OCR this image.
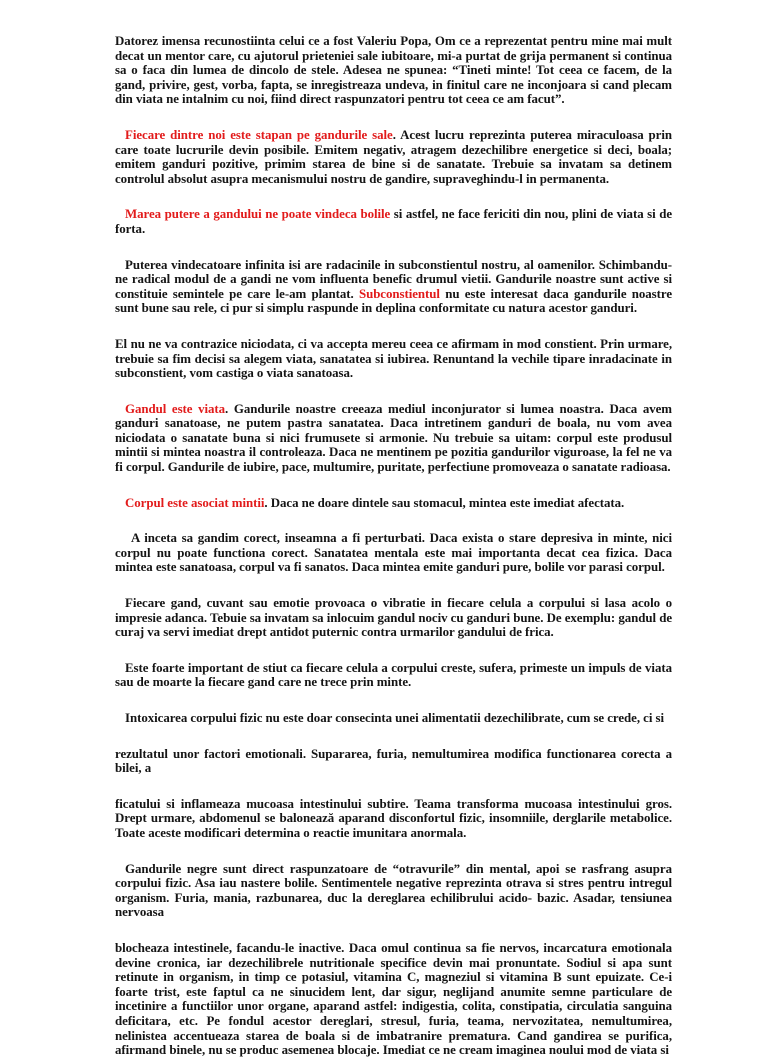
Datorez imensa recunostiinta celui ce a fost Valeriu Popa, Om ce a reprezentat pentru mine mai mult decat un mentor care, cu ajutorul prieteniei sale iubitoare, mi-a purtat de grija permanent si continua sa o faca din lumea de dincolo de stele. Adesea ne spunea: “Tineti minte! Tot ceea ce facem, de la gand, privire, gest, vorba, fapta, se inregistreaza undeva, in finitul care ne inconjoara si cand plecam din viata ne intalnim cu noi, fiind direct raspunzatori pentru tot ceea ce am facut”.

Fiecare dintre noi este stapan pe gandurile sale. Acest lucru reprezinta puterea miraculoasa prin care toate lucrurile devin posibile. Emitem negativ, atragem dezechilibre energetice si deci, boala; emitem ganduri pozitive, primim starea de bine si de sanatate. Trebuie sa invatam sa detinem controlul absolut asupra mecanismului nostru de gandire, supraveghindu-l in permanenta.

Marea putere a gandului ne poate vindeca bolile si astfel, ne face fericiti din nou, plini de viata si de forta.

Puterea vindecatoare infinita isi are radacinile in subconstientul nostru, al oamenilor. Schimbandu-ne radical modul de a gandi ne vom influenta benefic drumul vietii. Gandurile noastre sunt active si constituie semintele pe care le-am plantat. Subconstientul nu este interesat daca gandurile noastre sunt bune sau rele, ci pur si simplu raspunde in deplina conformitate cu natura acestor ganduri.

El nu ne va contrazice niciodata, ci va accepta mereu ceea ce afirmam in mod constient. Prin urmare, trebuie sa fim decisi sa alegem viata, sanatatea si iubirea. Renuntand la vechile tipare inradacinate in subconstient, vom castiga o viata sanatoasa.

Gandul este viata. Gandurile noastre creeaza mediul inconjurator si lumea noastra. Daca avem ganduri sanatoase, ne putem pastra sanatatea. Daca intretinem ganduri de boala, nu vom avea niciodata o sanatate buna si nici frumusete si armonie. Nu trebuie sa uitam: corpul este produsul mintii si mintea noastra il controleaza. Daca ne mentinem pe pozitia gandurilor viguroase, la fel ne va fi corpul. Gandurile de iubire, pace, multumire, puritate, perfectiune promoveaza o sanatate radioasa.

Corpul este asociat mintii. Daca ne doare dintele sau stomacul, mintea este imediat afectata.

A inceta sa gandim corect, inseamna a fi perturbati. Daca exista o stare depresiva in minte, nici corpul nu poate functiona corect. Sanatatea mentala este mai importanta decat cea fizica. Daca mintea este sanatoasa, corpul va fi sanatos. Daca mintea emite ganduri pure, bolile vor parasi corpul.

Fiecare gand, cuvant sau emotie provoaca o vibratie in fiecare celula a corpului si lasa acolo o impresie adanca. Tebuie sa invatam sa inlocuim gandul nociv cu ganduri bune. De exemplu: gandul de curaj va servi imediat drept antidot puternic contra urmarilor gandului de frica.

Este foarte important de stiut ca fiecare celula a corpului creste, sufera, primeste un impuls de viata sau de moarte la fiecare gand care ne trece prin minte.

Intoxicarea corpului fizic nu este doar consecinta unei alimentatii dezechilibrate, cum se crede, ci si

rezultatul unor factori emotionali. Supararea, furia, nemultumirea modifica functionarea corecta a bilei, a

ficatului si inflameaza mucoasa intestinului subtire. Teama transforma mucoasa intestinului gros. Drept urmare, abdomenul se balonează aparand disconfortul fizic, insomniile, derglarile metabolice. Toate aceste modificari determina o reactie imunitara anormala.

Gandurile negre sunt direct raspunzatoare de “otravurile” din mental, apoi se rasfrang asupra corpului fizic. Asa iau nastere bolile. Sentimentele negative reprezinta otrava si stres pentru intregul organism. Furia, mania, razbunarea, duc la dereglarea echilibrului acido- bazic. Asadar, tensiunea nervoasa

blocheaza intestinele, facandu-le inactive. Daca omul continua sa fie nervos, incarcatura emotionala devine cronica, iar dezechilibrele nutritionale specifice devin mai pronuntate. Sodiul si apa sunt retinute in organism, in timp ce potasiul, vitamina C, magneziul si vitamina B sunt epuizate. Ce-i foarte trist, este faptul ca ne sinucidem lent, dar sigur, neglijand anumite semne particulare de incetinire a functiilor unor organe, aparand astfel: indigestia, colita, constipatia, circulatia sanguina deficitara, etc. Pe fondul acestor dereglari, stresul, furia, teama, nervozitatea, nemultumirea, nelinistea accentueaza starea de boala si de imbatranire prematura. Cand gandirea se purifica, afirmand binele, nu se produc asemenea blocaje. Imediat ce ne cream imaginea noului mod de viata si
